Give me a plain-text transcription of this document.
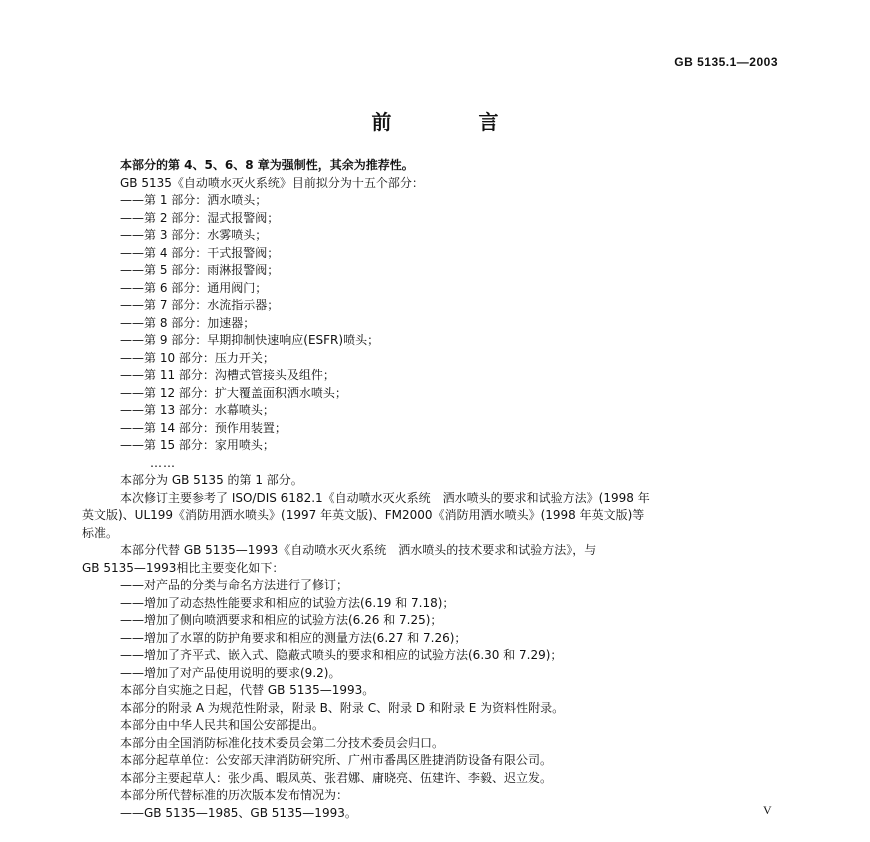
GB 5135.1—2003
前 言
本部分的第 4、5、6、8 章为强制性，其余为推荐性。
GB 5135《自动喷水灭火系统》目前拟分为十五个部分：
——第 1 部分：洒水喷头；
——第 2 部分：湿式报警阀；
——第 3 部分：水雾喷头；
——第 4 部分：干式报警阀；
——第 5 部分：雨淋报警阀；
——第 6 部分：通用阀门；
——第 7 部分：水流指示器；
——第 8 部分：加速器；
——第 9 部分：早期抑制快速响应(ESFR)喷头；
——第 10 部分：压力开关；
——第 11 部分：沟槽式管接头及组件；
——第 12 部分：扩大覆盖面积洒水喷头；
——第 13 部分：水幕喷头；
——第 14 部分：预作用装置；
——第 15 部分：家用喷头；
……
本部分为 GB 5135 的第 1 部分。
本次修订主要参考了 ISO/DIS 6182.1《自动喷水灭火系统　洒水喷头的要求和试验方法》(1998 年
英文版)、UL199《消防用洒水喷头》(1997 年英文版)、FM2000《消防用洒水喷头》(1998 年英文版)等
标准。
本部分代替 GB 5135—1993《自动喷水灭火系统　洒水喷头的技术要求和试验方法》，与
GB 5135—1993相比主要变化如下：
——对产品的分类与命名方法进行了修订；
——增加了动态热性能要求和相应的试验方法(6.19 和 7.18)；
——增加了侧向喷洒要求和相应的试验方法(6.26 和 7.25)；
——增加了水罩的防护角要求和相应的测量方法(6.27 和 7.26)；
——增加了齐平式、嵌入式、隐蔽式喷头的要求和相应的试验方法(6.30 和 7.29)；
——增加了对产品使用说明的要求(9.2)。
本部分自实施之日起，代替 GB 5135—1993。
本部分的附录 A 为规范性附录，附录 B、附录 C、附录 D 和附录 E 为资料性附录。
本部分由中华人民共和国公安部提出。
本部分由全国消防标准化技术委员会第二分技术委员会归口。
本部分起草单位：公安部天津消防研究所、广州市番禺区胜捷消防设备有限公司。
本部分主要起草人：张少禹、暇凤英、张君娜、庸晓亮、伍建许、李毅、迟立发。
本部分所代替标准的历次版本发布情况为：
——GB 5135—1985、GB 5135—1993。	V
